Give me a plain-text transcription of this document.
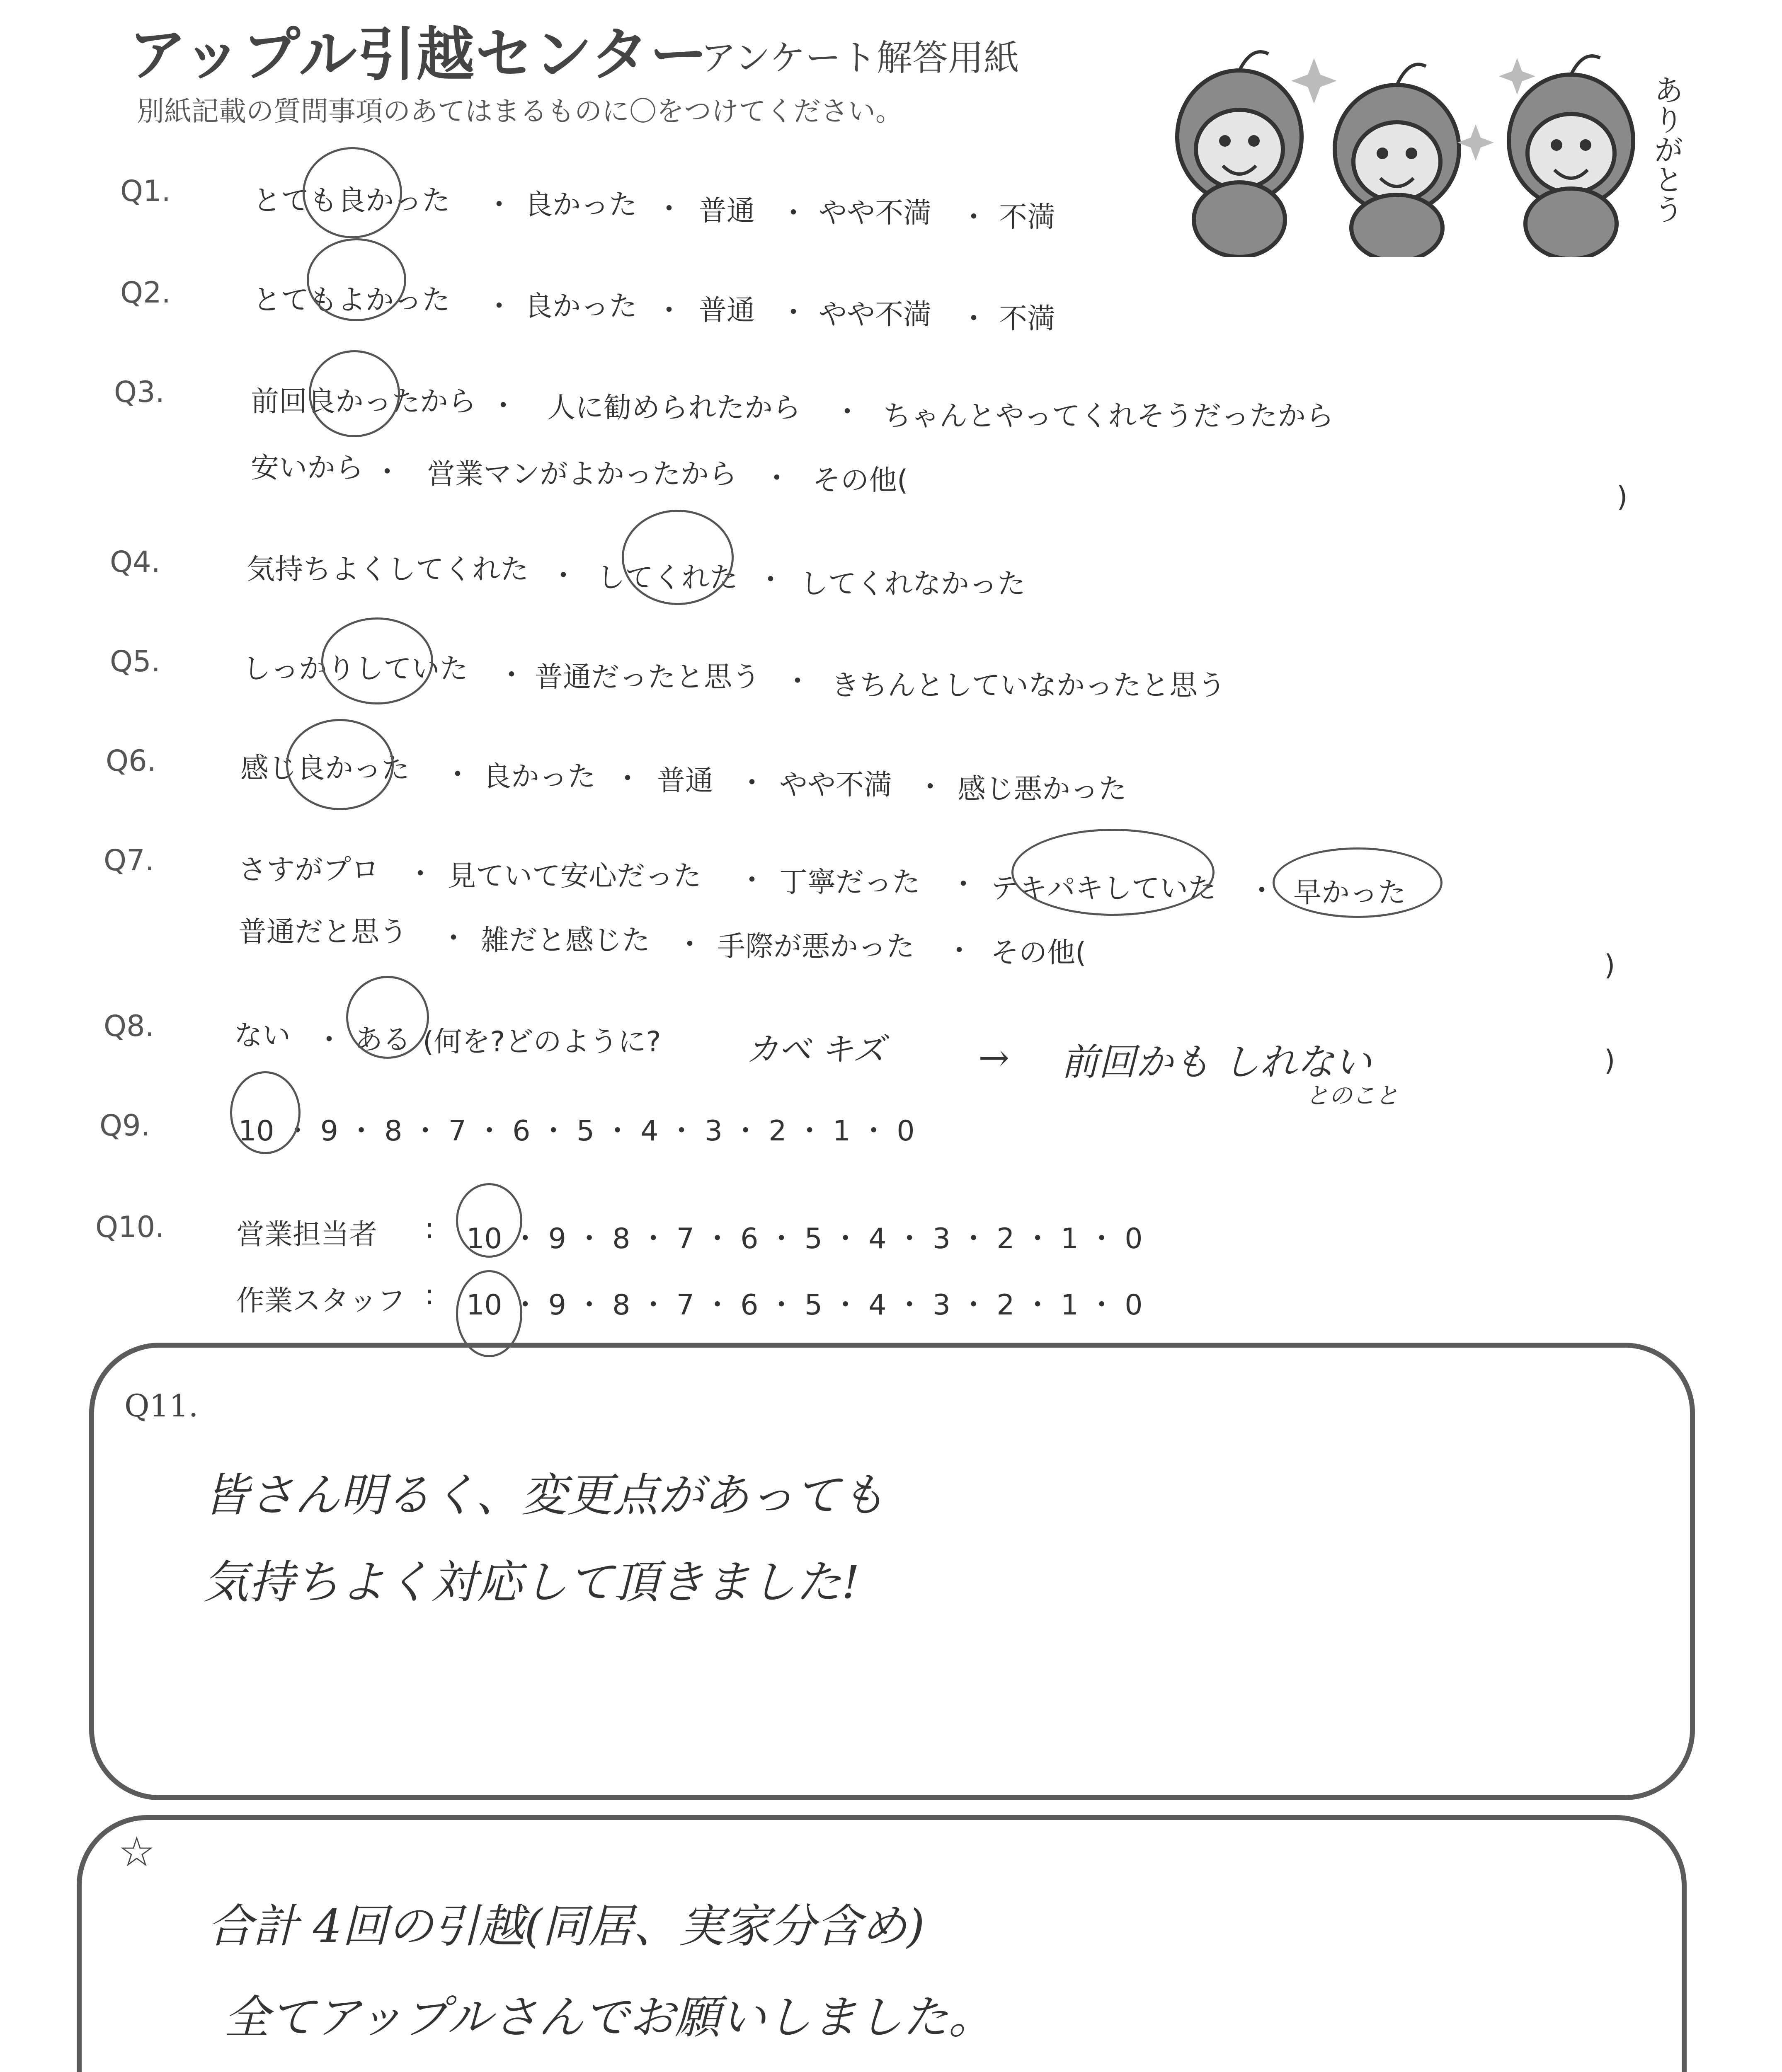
アップル引越センター
アンケート解答用紙
別紙記載の質問事項のあてはまるものに〇をつけてください。	ありがとう
Q1.	とても良かった ・ 良かった ・ 普通 ・ やや不満 ・ 不満
Q2.	とてもよかった ・ 良かった ・ 普通 ・ やや不満 ・ 不満
Q3.	前回良かったから ・ 人に勧められたから ・ ちゃんとやってくれそうだったから
安いから ・ 営業マンがよかったから ・ その他(
)
Q4.	気持ちよくしてくれた ・ してくれた ・ してくれなかった
Q5.	しっかりしていた ・ 普通だったと思う ・ きちんとしていなかったと思う
Q6.	感じ良かった ・ 良かった ・ 普通 ・ やや不満 ・ 感じ悪かった
Q7.	さすがプロ ・ 見ていて安心だった ・ 丁寧だった ・ テキパキしていた ・ 早かった
普通だと思う ・ 雑だと感じた ・ 手際が悪かった ・ その他(	)
Q8.	ない ・ ある (何を?どのように?
)
カベ キズ → 前回かも しれない
とのこと
Q9.	10 ・ 9 ・ 8 ・ 7 ・ 6 ・ 5 ・ 4 ・ 3 ・ 2 ・ 1 ・ 0
Q10.	営業担当者 : 10 ・ 9 ・ 8 ・ 7 ・ 6 ・ 5 ・ 4 ・ 3 ・ 2 ・ 1 ・ 0
作業スタッフ : 10 ・ 9 ・ 8 ・ 7 ・ 6 ・ 5 ・ 4 ・ 3 ・ 2 ・ 1 ・ 0
Q11.
皆さん明るく、変更点があっても
気持ちよく対応して頂きました!
☆
合計 4回の引越(同居、実家分含め)
全てアップルさんでお願いしました。
